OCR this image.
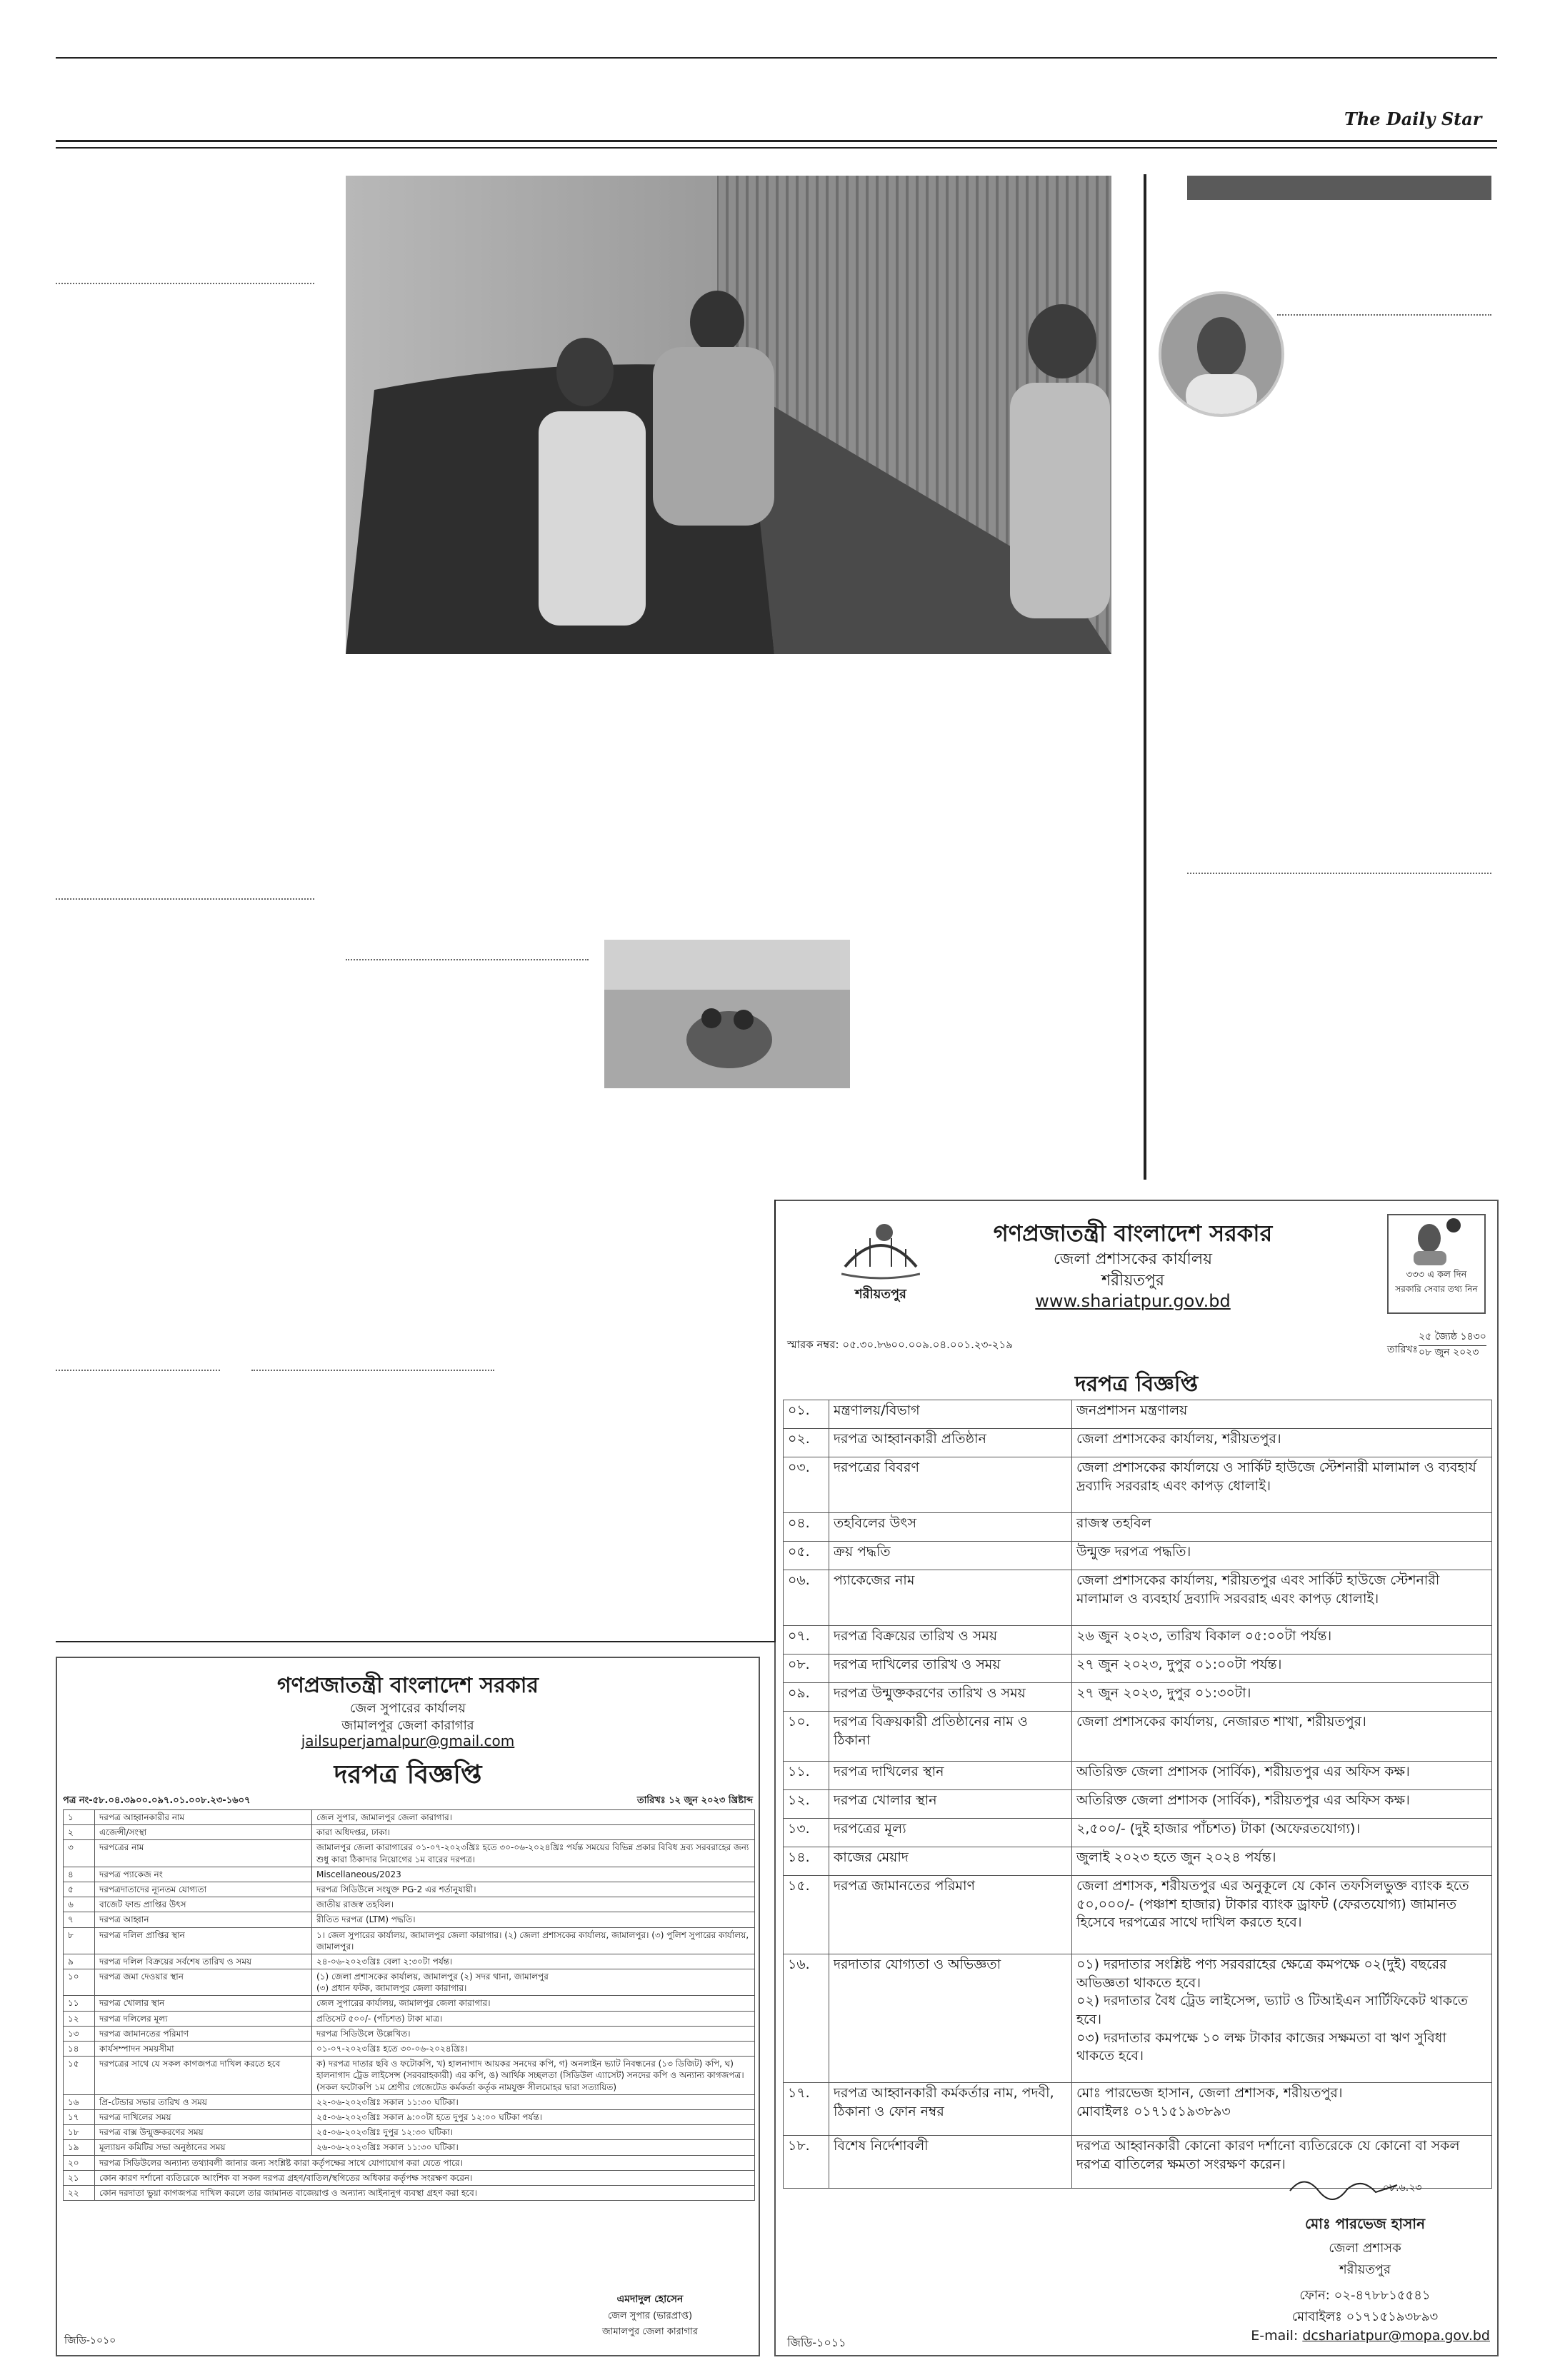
The Daily Star
শরীয়তপুর
গণপ্রজাতন্ত্রী বাংলাদেশ সরকার
জেলা প্রশাসকের কার্যালয়
শরীয়তপুর
www.shariatpur.gov.bd
৩৩৩ এ কল দিন
সরকারি সেবার তথ্য নিন
স্মারক নম্বর: ০৫.৩০.৮৬০০.০০৯.০৪.০০১.২৩-২১৯	তারিখঃ
২৫ জ্যৈষ্ঠ ১৪৩০
০৮ জুন ২০২৩
দরপত্র বিজ্ঞপ্তি
০১.	মন্ত্রণালয়/বিভাগ	জনপ্রশাসন মন্ত্রণালয়
০২.	দরপত্র আহ্বানকারী প্রতিষ্ঠান	জেলা প্রশাসকের কার্যালয়, শরীয়তপুর।
০৩.	দরপত্রের বিবরণ	জেলা প্রশাসকের কার্যালয়ে ও সার্কিট হাউজে স্টেশনারী মালামাল ও ব্যবহার্য দ্রব্যাদি সরবরাহ এবং কাপড় ধোলাই।
০৪.	তহবিলের উৎস	রাজস্ব তহবিল
০৫.	ক্রয় পদ্ধতি	উন্মুক্ত দরপত্র পদ্ধতি।
০৬.	প্যাকেজের নাম	জেলা প্রশাসকের কার্যালয়, শরীয়তপুর এবং সার্কিট হাউজে স্টেশনারী মালামাল ও ব্যবহার্য দ্রব্যাদি সরবরাহ এবং কাপড় ধোলাই।
০৭.	দরপত্র বিক্রয়ের তারিখ ও সময়	২৬ জুন ২০২৩, তারিখ বিকাল ০৫:০০টা পর্যন্ত।
০৮.	দরপত্র দাখিলের তারিখ ও সময়	২৭ জুন ২০২৩, দুপুর ০১:০০টা পর্যন্ত।
০৯.	দরপত্র উন্মুক্তকরণের তারিখ ও সময়	২৭ জুন ২০২৩, দুপুর ০১:৩০টা।
১০.	দরপত্র বিক্রয়কারী প্রতিষ্ঠানের নাম ও ঠিকানা	জেলা প্রশাসকের কার্যালয়, নেজারত শাখা, শরীয়তপুর।
১১.	দরপত্র দাখিলের স্থান	অতিরিক্ত জেলা প্রশাসক (সার্বিক), শরীয়তপুর এর অফিস কক্ষ।
১২.	দরপত্র খোলার স্থান	অতিরিক্ত জেলা প্রশাসক (সার্বিক), শরীয়তপুর এর অফিস কক্ষ।
১৩.	দরপত্রের মূল্য	২,৫০০/- (দুই হাজার পাঁচশত) টাকা (অফেরতযোগ্য)।
১৪.	কাজের মেয়াদ	জুলাই ২০২৩ হতে জুন ২০২৪ পর্যন্ত।
১৫.	দরপত্র জামানতের পরিমাণ	জেলা প্রশাসক, শরীয়তপুর এর অনুকূলে যে কোন তফসিলভুক্ত ব্যাংক হতে ৫০,০০০/- (পঞ্চাশ হাজার) টাকার ব্যাংক ড্রাফট (ফেরতযোগ্য) জামানত হিসেবে দরপত্রের সাথে দাখিল করতে হবে।
১৬.	দরদাতার যোগ্যতা ও অভিজ্ঞতা	০১) দরদাতার সংশ্লিষ্ট পণ্য সরবরাহের ক্ষেত্রে কমপক্ষে ০২(দুই) বছরের অভিজ্ঞতা থাকতে হবে।
০২) দরদাতার বৈধ ট্রেড লাইসেন্স, ভ্যাট ও টিআইএন সার্টিফিকেট থাকতে হবে।
০৩) দরদাতার কমপক্ষে ১০ লক্ষ টাকার কাজের সক্ষমতা বা ঋণ সুবিধা থাকতে হবে।
১৭.	দরপত্র আহ্বানকারী কর্মকর্তার নাম, পদবী, ঠিকানা ও ফোন নম্বর	মোঃ পারভেজ হাসান, জেলা প্রশাসক, শরীয়তপুর।
মোবাইলঃ ০১৭১৫১৯৩৮৯৩
১৮.	বিশেষ নির্দেশাবলী	দরপত্র আহ্বানকারী কোনো কারণ দর্শানো ব্যতিরেকে যে কোনো বা সকল দরপত্র বাতিলের ক্ষমতা সংরক্ষণ করেন।
০৮.৬.২৩
মোঃ পারভেজ হাসান
জেলা প্রশাসক
শরীয়তপুর
ফোন: ০২-৪৭৮৮১৫৫৪১
মোবাইলঃ ০১৭১৫১৯৩৮৯৩
E-mail: dcshariatpur@mopa.gov.bd
জিডি-১০১১
গণপ্রজাতন্ত্রী বাংলাদেশ সরকার
জেল সুপারের কার্যালয়
জামালপুর জেলা কারাগার
jailsuperjamalpur@gmail.com
দরপত্র বিজ্ঞপ্তি
পত্র নং-৫৮.০৪.৩৯০০.০৯৭.০১.০০৮.২৩-১৬০৭	তারিখঃ ১২ জুন ২০২৩ খ্রিষ্টাব্দ
১	দরপত্র আহ্বানকারীর নাম	জেল সুপার, জামালপুর জেলা কারাগার।
২	এজেন্সী/সংস্থা	কারা অধিদপ্তর, ঢাকা।
৩	দরপত্রের নাম	জামালপুর জেলা কারাগারের ০১-০৭-২০২৩খ্রিঃ হতে ৩০-০৬-২০২৪খ্রিঃ পর্যন্ত সময়ের বিভিন্ন প্রকার বিবিধ দ্রব্য সরবরাহের জন্য শুধু কারা ঠিকাদার নিয়োগের ১ম বারের দরপত্র।
৪	দরপত্র প্যাকেজ নং	Miscellaneous/2023
৫	দরপত্রদাতাদের ন্যূনতম যোগ্যতা	দরপত্র সিডিউলে সংযুক্ত PG-2 এর শর্তানুযায়ী।
৬	বাজেট ফান্ড প্রাপ্তির উৎস	জাতীয় রাজস্ব তহবিল।
৭	দরপত্র আহ্বান	রীতিত দরপত্র (LTM) পদ্ধতি।
৮	দরপত্র দলিল প্রাপ্তির স্থান	১। জেল সুপারের কার্যালয়, জামালপুর জেলা কারাগার। (২) জেলা প্রশাসকের কার্যালয়, জামালপুর। (৩) পুলিশ সুপারের কার্যালয়, জামালপুর।
৯	দরপত্র দলিল বিক্রয়ের সর্বশেষ তারিখ ও সময়	২৪-০৬-২০২৩খ্রিঃ বেলা ২:৩০টা পর্যন্ত।
১০	দরপত্র জমা দেওয়ার স্থান	(১) জেলা প্রশাসকের কার্যালয়, জামালপুর (২) সদর থানা, জামালপুর
(৩) প্রধান ফটক, জামালপুর জেলা কারাগার।
১১	দরপত্র খোলার স্থান	জেল সুপারের কার্যালয়, জামালপুর জেলা কারাগার।
১২	দরপত্র দলিলের মূল্য	প্রতিসেট ৫০০/- (পাঁচশত) টাকা মাত্র।
১৩	দরপত্র জামানতের পরিমাণ	দরপত্র সিডিউলে উল্লেখিত।
১৪	কার্যসম্পাদন সময়সীমা	০১-০৭-২০২৩খ্রিঃ হতে ৩০-০৬-২০২৪খ্রিঃ।
১৫	দরপত্রের সাথে যে সকল কাগজপত্র দাখিল করতে হবে	ক) দরপত্র দাতার ছবি ও ফটোকপি, খ) হালনাগাদ আয়কর সনদের কপি, গ) অনলাইন ভ্যাট নিবন্ধনের (১৩ ডিজিট) কপি, ঘ) হালনাগাদ ট্রেড লাইসেন্স (সরবরাহকারী) এর কপি, ঙ) আর্থিক সচ্ছলতা (সিডিউল এ্যাসেট) সনদের কপি ও অন্যান্য কাগজপত্র। (সকল ফটোকপি ১ম শ্রেণীর গেজেটেড কর্মকর্তা কর্তৃক নামযুক্ত সীলমোহর দ্বারা সত্যায়িত)
১৬	প্রি-টেন্ডার সভার তারিখ ও সময়	২২-০৬-২০২৩খ্রিঃ সকাল ১১:৩০ ঘটিকা।
১৭	দরপত্র দাখিলের সময়	২৫-০৬-২০২৩খ্রিঃ সকাল ৯:০০টা হতে দুপুর ১২:০০ ঘটিকা পর্যন্ত।
১৮	দরপত্র বাক্স উন্মুক্তকরণের সময়	২৫-০৬-২০২৩খ্রিঃ দুপুর ১২:৩০ ঘটিকা।
১৯	মূল্যায়ন কমিটির সভা অনুষ্ঠানের সময়	২৬-০৬-২০২৩খ্রিঃ সকাল ১১:৩০ ঘটিকা।
২০	দরপত্র সিডিউলের অন্যান্য তথ্যাবলী জানার জন্য সংশ্লিষ্ট কারা কর্তৃপক্ষের সাথে যোগাযোগ করা যেতে পারে।	
২১	কোন কারণ দর্শানো ব্যতিরেকে আংশিক বা সকল দরপত্র গ্রহণ/বাতিল/স্থগিতের অধিকার কর্তৃপক্ষ সংরক্ষণ করেন।	
২২	কোন দরদাতা ভুয়া কাগজপত্র দাখিল করলে তার জামানত বাজেয়াপ্ত ও অন্যান্য আইনানুগ ব্যবস্থা গ্রহণ করা হবে।	
এমদাদুল হোসেন
জেল সুপার (ভারপ্রাপ্ত)
জামালপুর জেলা কারাগার
জিডি-১০১০
